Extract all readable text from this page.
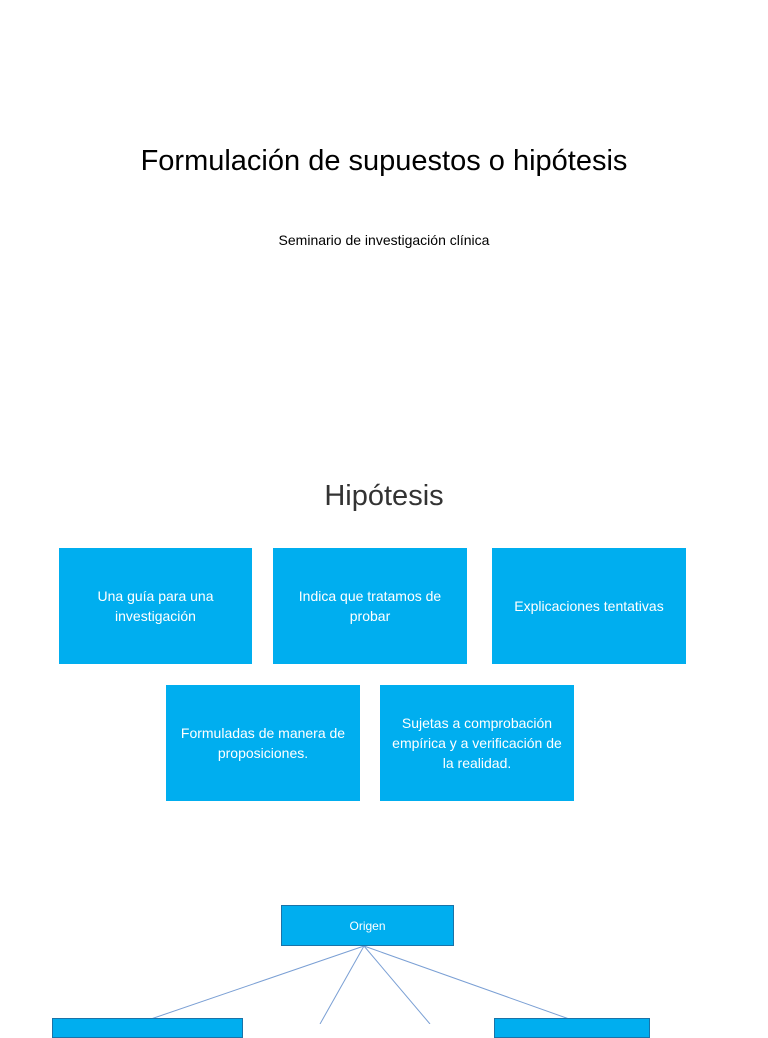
Formulación de supuestos o hipótesis
Seminario de investigación clínica
Hipótesis
Una guía para una investigación
Indica que tratamos de probar
Explicaciones tentativas
Formuladas de manera de proposiciones.
Sujetas a comprobación empírica y a verificación de la realidad.
Origen
